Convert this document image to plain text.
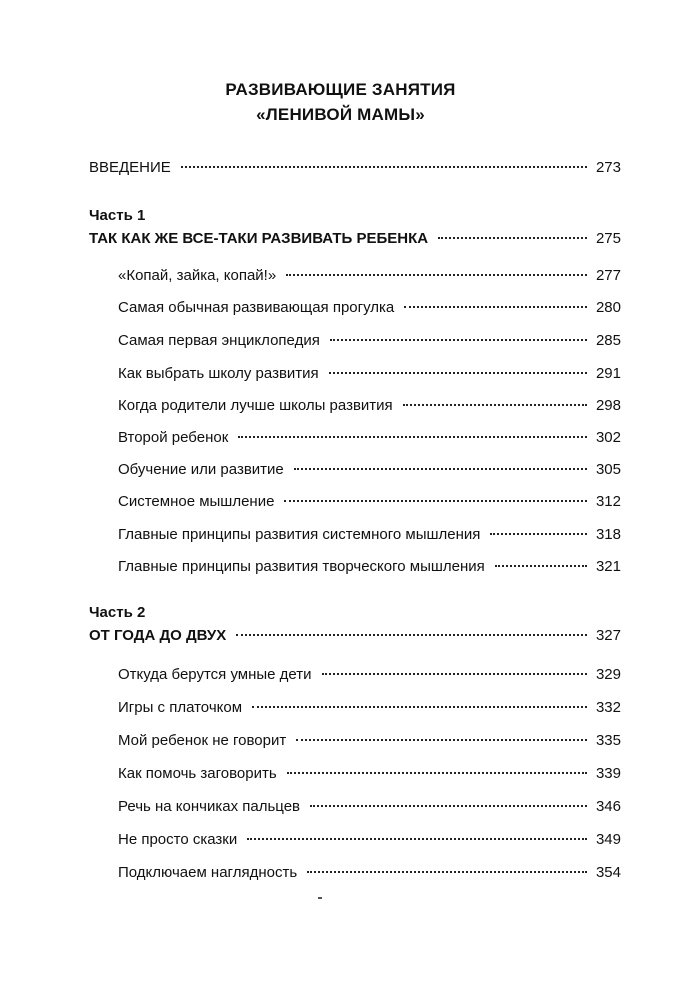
РАЗВИВАЮЩИЕ ЗАНЯТИЯ
«ЛЕНИВОЙ МАМЫ»
ВВЕДЕНИЕ	273
Часть 1
ТАК КАК ЖЕ ВСЕ-ТАКИ РАЗВИВАТЬ РЕБЕНКА	275
«Копай, зайка, копай!»	277
Самая обычная развивающая прогулка	280
Самая первая энциклопедия	285
Как выбрать школу развития	291
Когда родители лучше школы развития	298
Второй ребенок	302
Обучение или развитие	305
Системное мышление	312
Главные принципы развития системного мышления	318
Главные принципы развития творческого мышления	321
Часть 2
ОТ ГОДА ДО ДВУХ	327
Откуда берутся умные дети	329
Игры с платочком	332
Мой ребенок не говорит	335
Как помочь заговорить	339
Речь на кончиках пальцев	346
Не просто сказки	349
Подключаем наглядность	354
